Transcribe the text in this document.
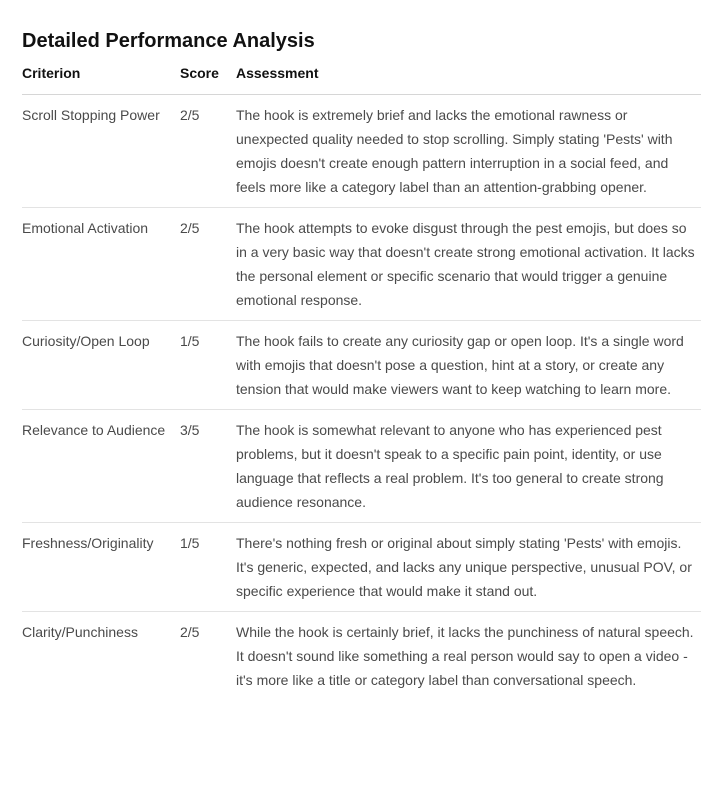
Detailed Performance Analysis
Criterion	Score	Assessment
Scroll Stopping Power	2/5	The hook is extremely brief and lacks the emotional rawness or unexpected quality needed to stop scrolling. Simply stating 'Pests' with emojis doesn't create enough pattern interruption in a social feed, and feels more like a category label than an attention-grabbing opener.
Emotional Activation	2/5	The hook attempts to evoke disgust through the pest emojis, but does so in a very basic way that doesn't create strong emotional activation. It lacks the personal element or specific scenario that would trigger a genuine emotional response.
Curiosity/Open Loop	1/5	The hook fails to create any curiosity gap or open loop. It's a single word with emojis that doesn't pose a question, hint at a story, or create any tension that would make viewers want to keep watching to learn more.
Relevance to Audience	3/5	The hook is somewhat relevant to anyone who has experienced pest problems, but it doesn't speak to a specific pain point, identity, or use language that reflects a real problem. It's too general to create strong audience resonance.
Freshness/Originality	1/5	There's nothing fresh or original about simply stating 'Pests' with emojis. It's generic, expected, and lacks any unique perspective, unusual POV, or specific experience that would make it stand out.
Clarity/Punchiness	2/5	While the hook is certainly brief, it lacks the punchiness of natural speech. It doesn't sound like something a real person would say to open a video - it's more like a title or category label than conversational speech.
